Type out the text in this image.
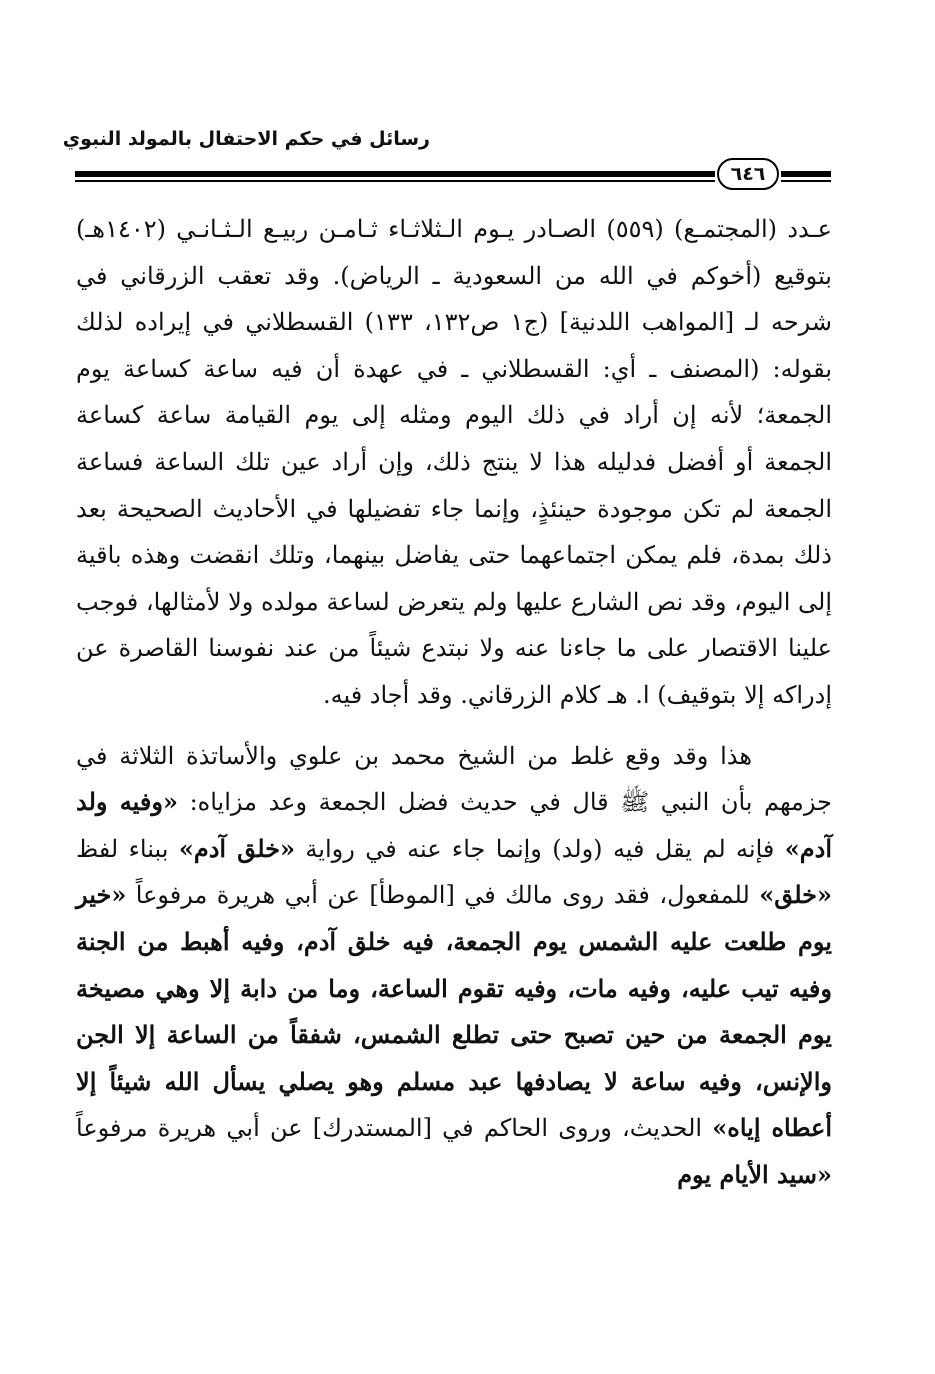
رسائل في حكم الاحتفال بالمولد النبوي
٦٤٦

عـدد (المجتمـع) (٥٥٩) الصـادر يـوم الـثلاثـاء ثـامـن ربيـع الـثـانـي (١٤٠٢هـ) بتوقيع (أخوكم في الله من السعودية ـ الرياض). وقد تعقب الزرقاني في شرحه لـ [المواهب اللدنية] (ج١ ص١٣٢، ١٣٣) القسطلاني في إيراده لذلك بقوله: (المصنف ـ أي: القسطلاني ـ في عهدة أن فيه ساعة كساعة يوم الجمعة؛ لأنه إن أراد في ذلك اليوم ومثله إلى يوم القيامة ساعة كساعة الجمعة أو أفضل فدليله هذا لا ينتج ذلك، وإن أراد عين تلك الساعة فساعة الجمعة لم تكن موجودة حينئذٍ، وإنما جاء تفضيلها في الأحاديث الصحيحة بعد ذلك بمدة، فلم يمكن اجتماعهما حتى يفاضل بينهما، وتلك انقضت وهذه باقية إلى اليوم، وقد نص الشارع عليها ولم يتعرض لساعة مولده ولا لأمثالها، فوجب علينا الاقتصار على ما جاءنا عنه ولا نبتدع شيئاً من عند نفوسنا القاصرة عن إدراكه إلا بتوقيف) ا. هـ كلام الزرقاني. وقد أجاد فيه.

هذا وقد وقع غلط من الشيخ محمد بن علوي والأساتذة الثلاثة في جزمهم بأن النبي ﷺ قال في حديث فضل الجمعة وعد مزاياه: «وفيه ولد آدم» فإنه لم يقل فيه (ولد) وإنما جاء عنه في رواية «خلق آدم» ببناء لفظ «خلق» للمفعول، فقد روى مالك في [الموطأ] عن أبي هريرة مرفوعاً «خير يوم طلعت عليه الشمس يوم الجمعة، فيه خلق آدم، وفيه أهبط من الجنة وفيه تيب عليه، وفيه مات، وفيه تقوم الساعة، وما من دابة إلا وهي مصيخة يوم الجمعة من حين تصبح حتى تطلع الشمس، شفقاً من الساعة إلا الجن والإنس، وفيه ساعة لا يصادفها عبد مسلم وهو يصلي يسأل الله شيئاً إلا أعطاه إياه» الحديث، وروى الحاكم في [المستدرك] عن أبي هريرة مرفوعاً «سيد الأيام يوم
